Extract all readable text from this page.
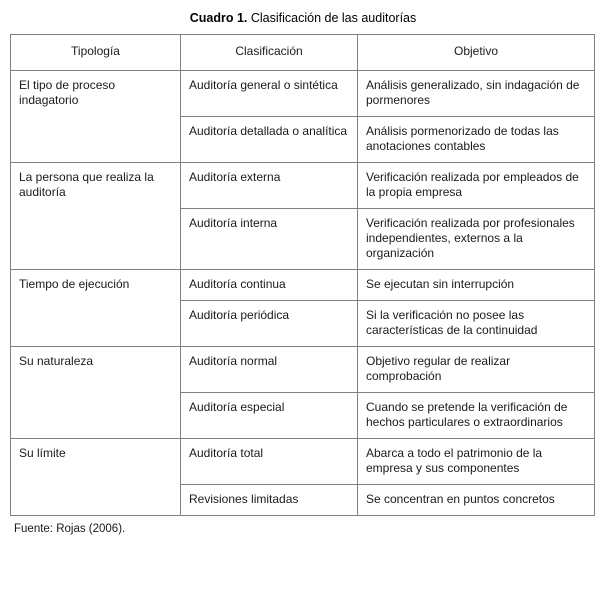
Cuadro 1. Clasificación de las auditorías
Tipología	Clasificación	Objetivo
El tipo de proceso indagatorio	Auditoría general o sintética	Análisis generalizado, sin indagación de pormenores
	Auditoría detallada o analítica	Análisis pormenorizado de todas las anotaciones contables
La persona que realiza la auditoría	Auditoría externa	Verificación realizada por empleados de la propia empresa
	Auditoría interna	Verificación realizada por profesionales independientes, externos a la organización
Tiempo de ejecución	Auditoría continua	Se ejecutan sin interrupción
	Auditoría periódica	Si la verificación no posee las características de la continuidad
Su naturaleza	Auditoría normal	Objetivo regular de realizar comprobación
	Auditoría especial	Cuando se pretende la verificación de hechos particulares o extraordinarios
Su límite	Auditoría total	Abarca a todo el patrimonio de la empresa y sus componentes
	Revisiones limitadas	Se concentran en puntos concretos
Fuente: Rojas (2006).
